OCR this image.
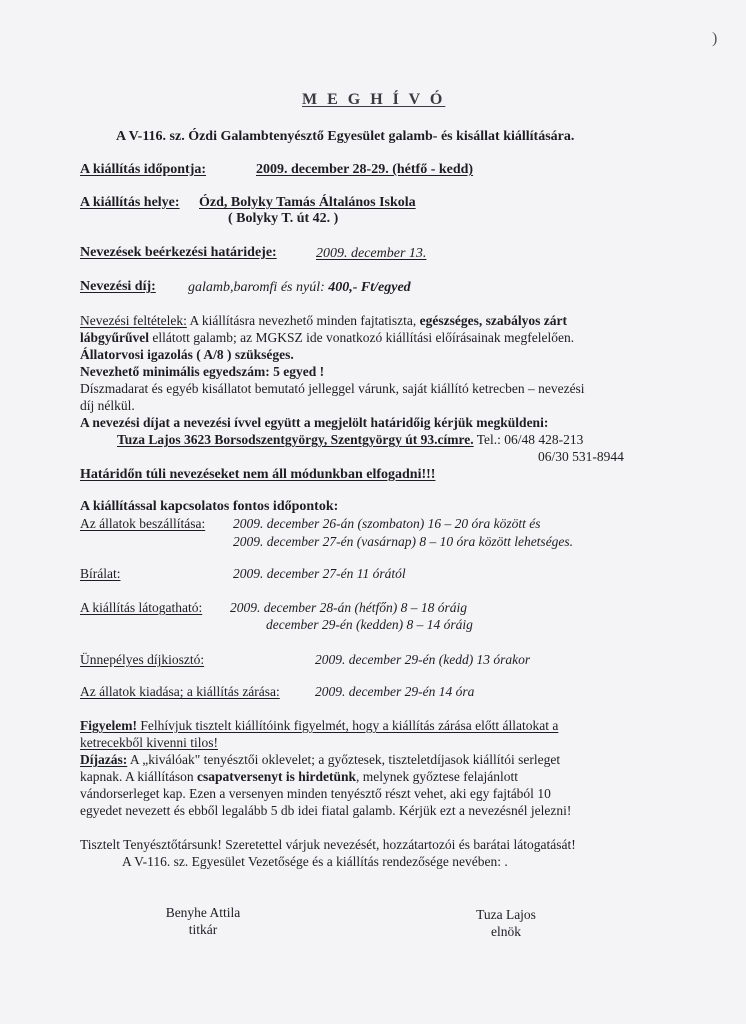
M E G H Í V Ó
A V-116. sz. Ózdi Galambtenyésztő Egyesület galamb- és kisállat kiállítására.
A kiállítás időpontja:	2009. december 28-29. (hétfő - kedd)
A kiállítás helye: Ózd, Bolyky Tamás Általános Iskola
( Bolyky T. út 42. )
Nevezések beérkezési határideje:	2009. december 13.
Nevezési díj: galamb,baromfi és nyúl: 400,- Ft/egyed
Nevezési feltételek: A kiállításra nevezhető minden fajtatiszta, egészséges, szabályos zárt
lábgyűrűvel ellátott galamb; az MGKSZ ide vonatkozó kiállítási előírásainak megfelelően.
Állatorvosi igazolás ( A/8 ) szükséges.
Nevezhető minimális egyedszám: 5 egyed !
Díszmadarat és egyéb kisállatot bemutató jelleggel várunk, saját kiállító ketrecben – nevezési
díj nélkül.
A nevezési díjat a nevezési ívvel együtt a megjelölt határidőig kérjük megküldeni:
Tuza Lajos 3623 Borsodszentgyörgy, Szentgyörgy út 93.címre. Tel.: 06/48 428-213
06/30 531-8944
Határidőn túli nevezéseket nem áll módunkban elfogadni!!!
A kiállítással kapcsolatos fontos időpontok:
Az állatok beszállítása: 2009. december 26-án (szombaton) 16 – 20 óra között és
2009. december 27-én (vasárnap) 8 – 10 óra között lehetséges.
Bírálat:	2009. december 27-én 11 órától
A kiállítás látogatható: 2009. december 28-án (hétfőn) 8 – 18 óráig
december 29-én (kedden) 8 – 14 óráig
Ünnepélyes díjkiosztó:	2009. december 29-én (kedd) 13 órakor
Az állatok kiadása; a kiállítás zárása:	2009. december 29-én 14 óra
Figyelem! Felhívjuk tisztelt kiállítóink figyelmét, hogy a kiállítás zárása előtt állatokat a
ketrecekből kivenni tilos!
Díjazás: A „kiválóak" tenyésztői oklevelet; a győztesek, tiszteletdíjasok kiállítói serleget
kapnak. A kiállításon csapatversenyt is hirdetünk, melynek győztese felajánlott
vándorserleget kap. Ezen a versenyen minden tenyésztő részt vehet, aki egy fajtából 10
egyedet nevezett és ebből legalább 5 db idei fiatal galamb. Kérjük ezt a nevezésnél jelezni!
Tisztelt Tenyésztőtársunk! Szeretettel várjuk nevezését, hozzátartozói és barátai látogatását!
A V-116. sz. Egyesület Vezetősége és a kiállítás rendezősége nevében: .
Benyhe Attila
titkár
Tuza Lajos
elnök
)
